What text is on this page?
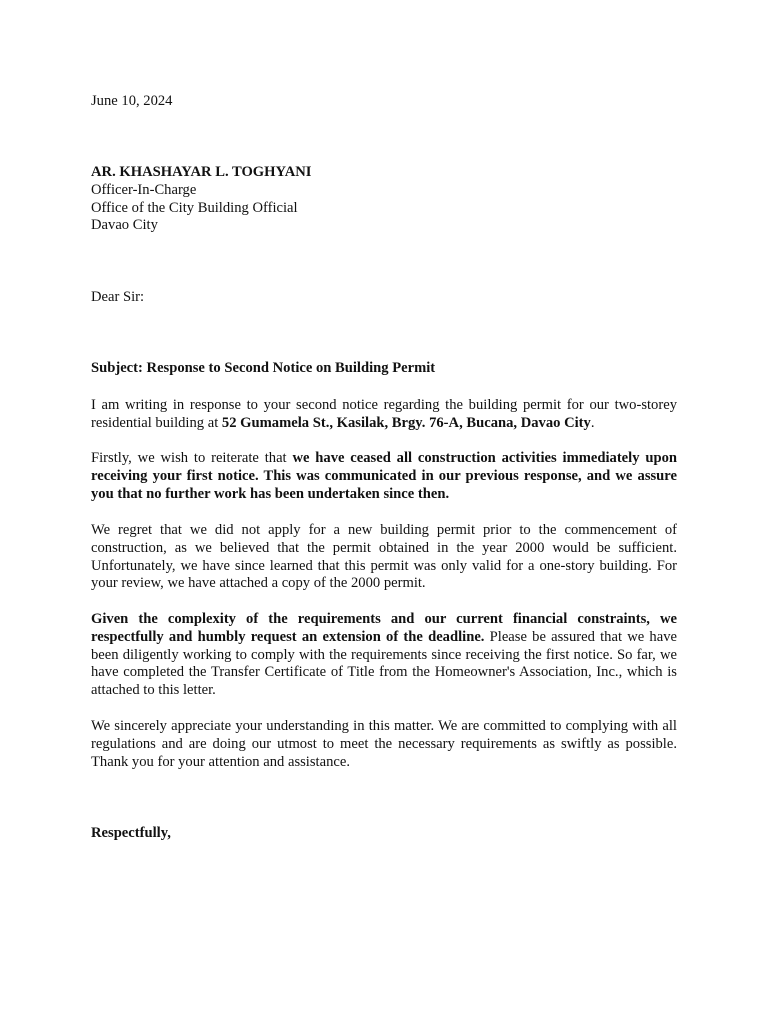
June 10, 2024
AR. KHASHAYAR L. TOGHYANI
Officer-In-Charge
Office of the City Building Official
Davao City
Dear Sir:
Subject: Response to Second Notice on Building Permit

I am writing in response to your second notice regarding the building permit for our two-storey residential building at 52 Gumamela St., Kasilak, Brgy. 76-A, Bucana, Davao City.

Firstly, we wish to reiterate that we have ceased all construction activities immediately upon receiving your first notice. This was communicated in our previous response, and we assure you that no further work has been undertaken since then.

We regret that we did not apply for a new building permit prior to the commencement of construction, as we believed that the permit obtained in the year 2000 would be sufficient. Unfortunately, we have since learned that this permit was only valid for a one-story building. For your review, we have attached a copy of the 2000 permit.

Given the complexity of the requirements and our current financial constraints, we respectfully and humbly request an extension of the deadline. Please be assured that we have been diligently working to comply with the requirements since receiving the first notice. So far, we have completed the Transfer Certificate of Title from the Homeowner's Association, Inc., which is attached to this letter.

We sincerely appreciate your understanding in this matter. We are committed to complying with all regulations and are doing our utmost to meet the necessary requirements as swiftly as possible. Thank you for your attention and assistance.

Respectfully,
